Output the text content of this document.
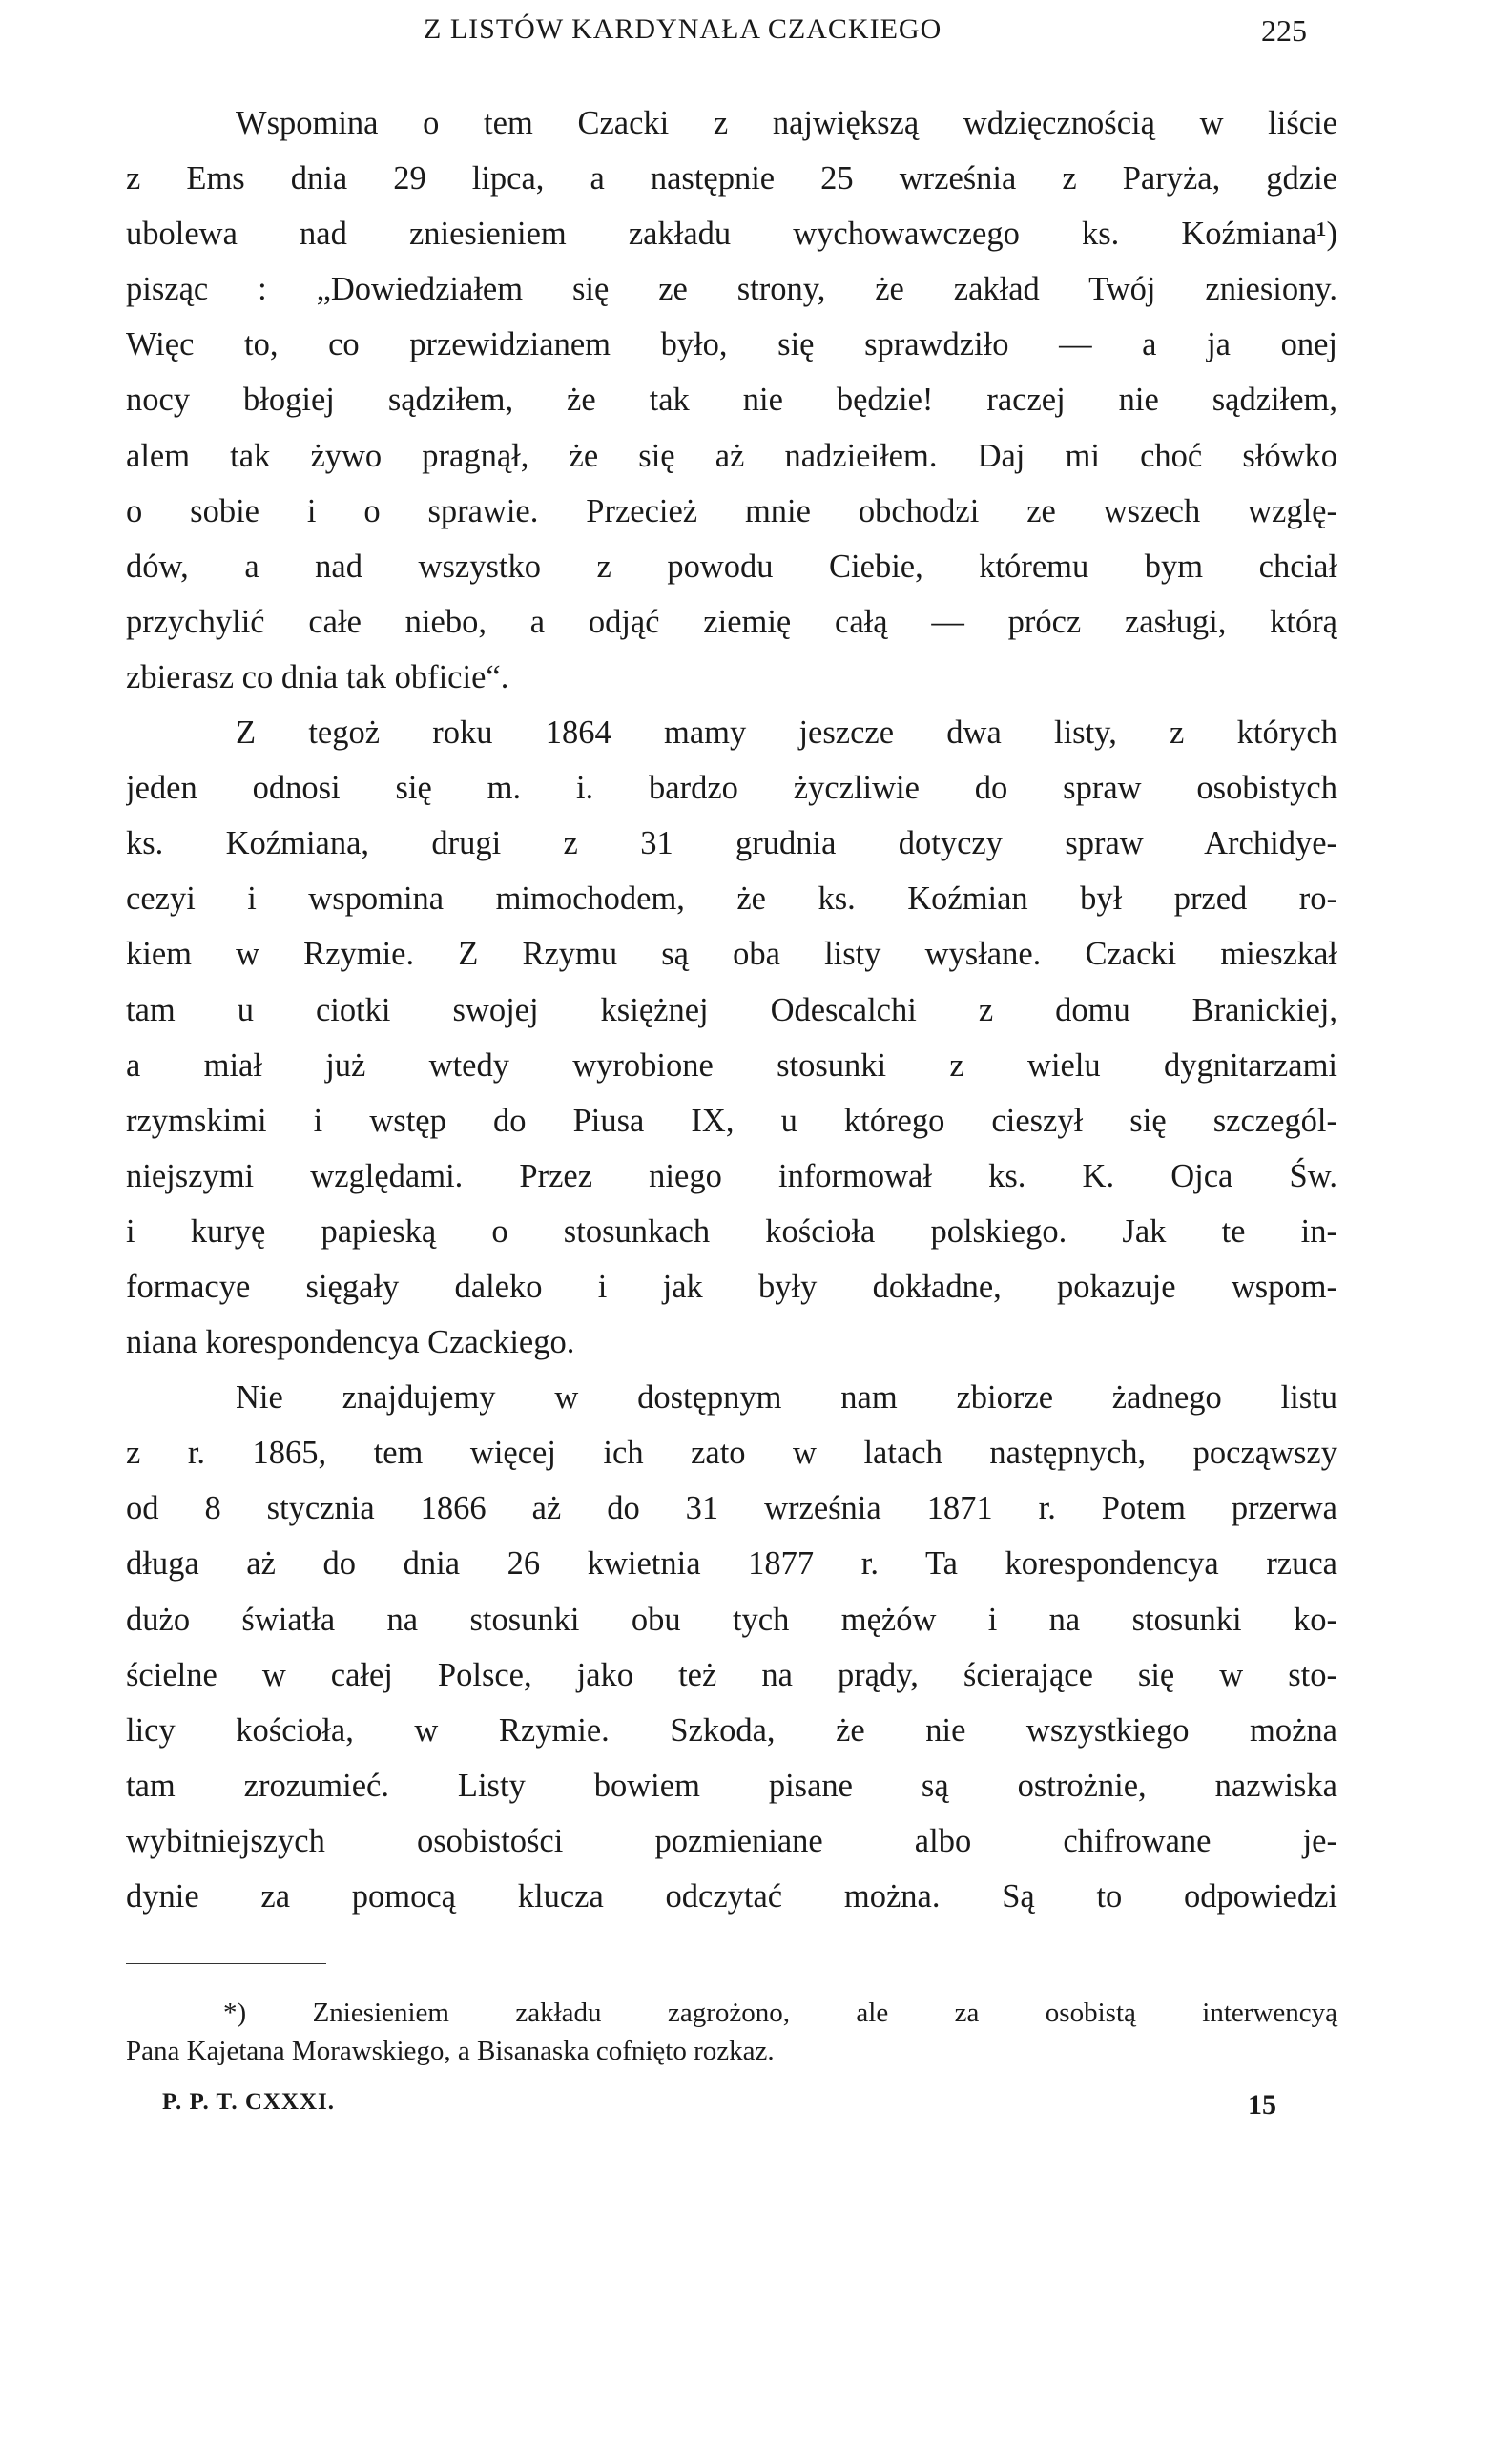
Z LISTÓW KARDYNAŁA CZACKIEGO	225
Wspomina o tem Czacki z największą wdzięcznością w liście
z Ems dnia 29 lipca, a następnie 25 września z Paryża, gdzie
ubolewa nad zniesieniem zakładu wychowawczego ks. Koźmiana¹)
pisząc : „Dowiedziałem się ze strony, że zakład Twój zniesiony.
Więc to, co przewidzianem było, się sprawdziło — a ja onej
nocy błogiej sądziłem, że tak nie będzie! raczej nie sądziłem,
alem tak żywo pragnął, że się aż nadzieiłem. Daj mi choć słówko
o sobie i o sprawie. Przecież mnie obchodzi ze wszech wzglę-
dów, a nad wszystko z powodu Ciebie, któremu bym chciał
przychylić całe niebo, a odjąć ziemię całą — prócz zasługi, którą
zbierasz co dnia tak obficie“.
Z tegoż roku 1864 mamy jeszcze dwa listy, z których
jeden odnosi się m. i. bardzo życzliwie do spraw osobistych
ks. Koźmiana, drugi z 31 grudnia dotyczy spraw Archidye-
cezyi i wspomina mimochodem, że ks. Koźmian był przed ro-
kiem w Rzymie. Z Rzymu są oba listy wysłane. Czacki mieszkał
tam u ciotki swojej księżnej Odescalchi z domu Branickiej,
a miał już wtedy wyrobione stosunki z wielu dygnitarzami
rzymskimi i wstęp do Piusa IX, u którego cieszył się szczegól-
niejszymi względami. Przez niego informował ks. K. Ojca Św.
i kuryę papieską o stosunkach kościoła polskiego. Jak te in-
formacye sięgały daleko i jak były dokładne, pokazuje wspom-
niana korespondencya Czackiego.
Nie znajdujemy w dostępnym nam zbiorze żadnego listu
z r. 1865, tem więcej ich zato w latach następnych, począwszy
od 8 stycznia 1866 aż do 31 września 1871 r. Potem przerwa
długa aż do dnia 26 kwietnia 1877 r. Ta korespondencya rzuca
dużo światła na stosunki obu tych mężów i na stosunki ko-
ścielne w całej Polsce, jako też na prądy, ścierające się w sto-
licy kościoła, w Rzymie. Szkoda, że nie wszystkiego można
tam zrozumieć. Listy bowiem pisane są ostrożnie, nazwiska
wybitniejszych osobistości pozmieniane albo chifrowane je-
dynie za pomocą klucza odczytać można. Są to odpowiedzi
*) Zniesieniem zakładu zagrożono, ale za osobistą interwencyą
Pana Kajetana Morawskiego, a Bisanaska cofnięto rozkaz.
P. P. T. CXXXI.	15
